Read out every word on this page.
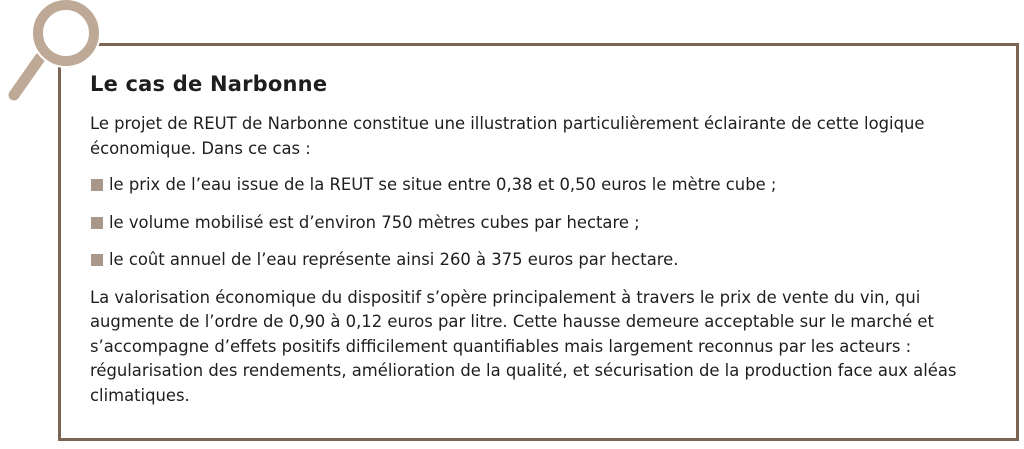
Le cas de Narbonne

Le projet de REUT de Narbonne constitue une illustration particulièrement éclairante de cette logique économique. Dans ce cas :

le prix de l’eau issue de la REUT se situe entre 0,38 et 0,50 euros le mètre cube ;
le volume mobilisé est d’environ 750 mètres cubes par hectare ;
le coût annuel de l’eau représente ainsi 260 à 375 euros par hectare.

La valorisation économique du dispositif s’opère principalement à travers le prix de vente du vin, qui augmente de l’ordre de 0,90 à 0,12 euros par litre. Cette hausse demeure acceptable sur le marché et s’accompagne d’effets positifs difficilement quantifiables mais largement reconnus par les acteurs : régularisation des rendements, amélioration de la qualité, et sécurisation de la production face aux aléas climatiques.
